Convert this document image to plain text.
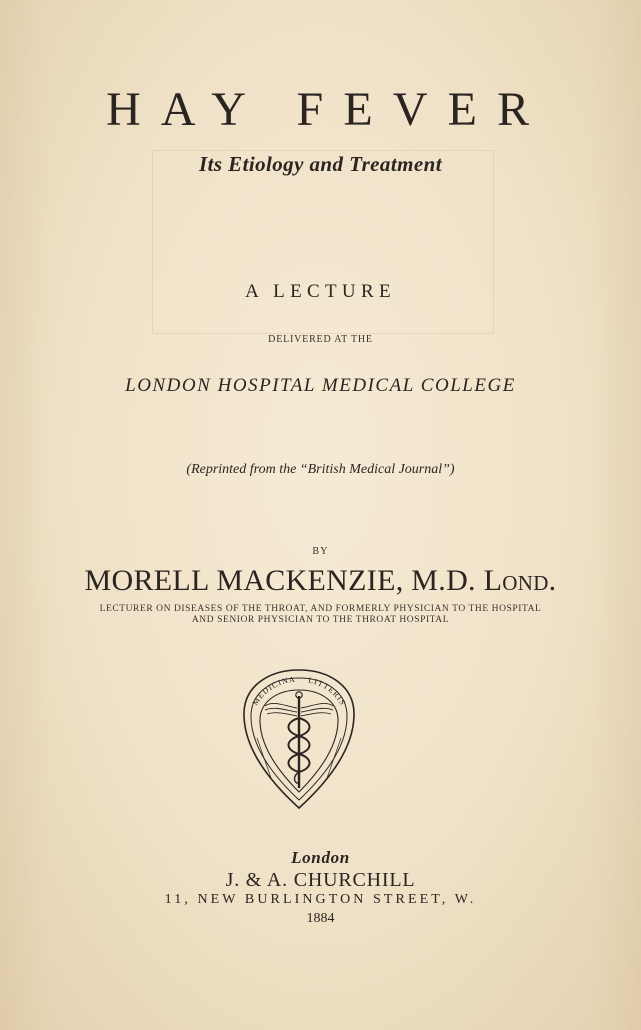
HAY FEVER
Its Etiology and Treatment
A LECTURE
DELIVERED AT THE
LONDON HOSPITAL MEDICAL COLLEGE
(Reprinted from the “British Medical Journal”)
BY
MORELL MACKENZIE, M.D. Lond.
LECTURER ON DISEASES OF THE THROAT, AND FORMERLY PHYSICIAN TO THE HOSPITAL
AND SENIOR PHYSICIAN TO THE THROAT HOSPITAL
MEDICINA LITTERIS
London
J. & A. CHURCHILL
11, NEW BURLINGTON STREET, W.
1884
